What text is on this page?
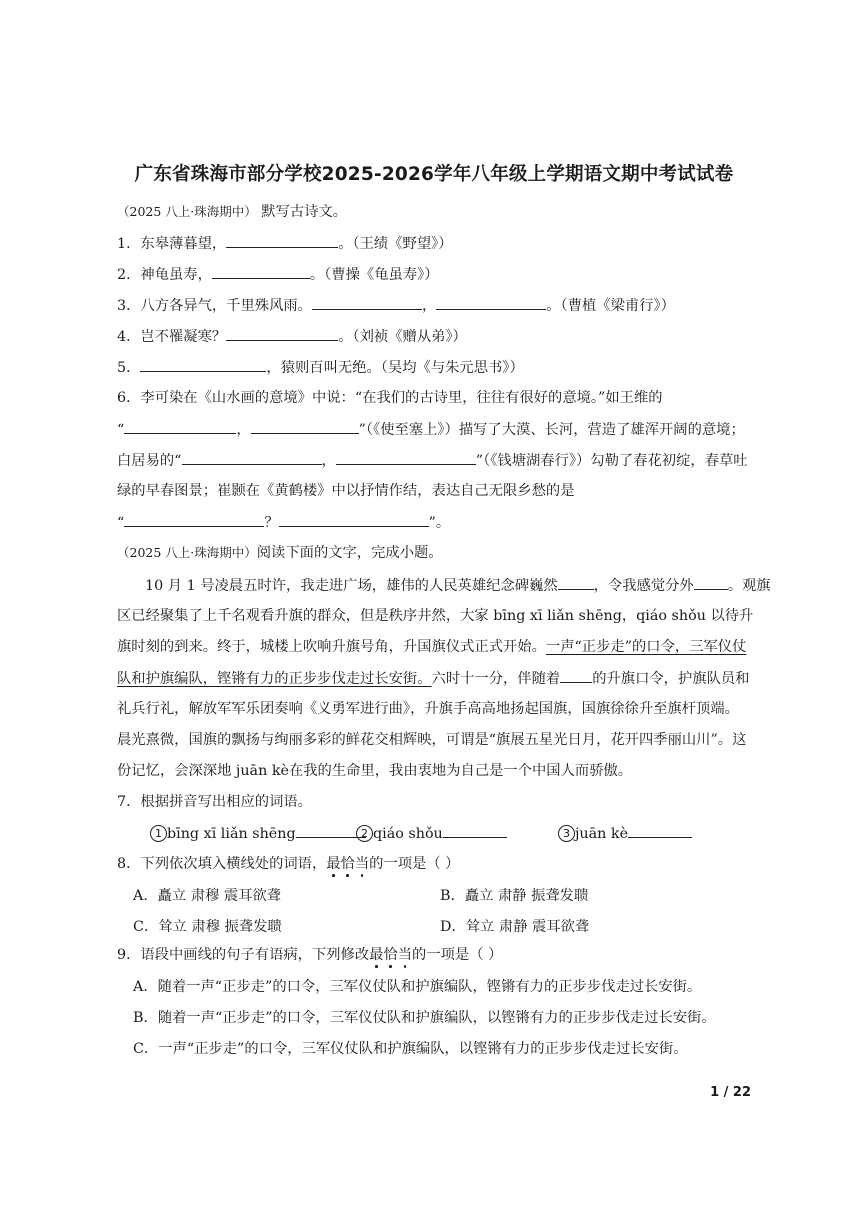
广东省珠海市部分学校2025-2026学年八年级上学期语文期中考试试卷
（2025 八上·珠海期中） 默写古诗文。
1．东皋薄暮望，	。（王绩《野望》）
2．神龟虽寿，	。（曹操《龟虽寿》）
3．八方各异气，千里殊风雨。	，	。（曹植《梁甫行》）
4．岂不罹凝寒？	。（刘祯《赠从弟》）
5．	，猿则百叫无绝。（吴均《与朱元思书》）
6．李可染在《山水画的意境》中说：“在我们的古诗里，往往有很好的意境。”如王维的
“	，	”（《使至塞上》）描写了大漠、长河，营造了雄浑开阔的意境；
白居易的“	，	”（《钱塘湖春行》）勾勒了春花初绽，春草吐
绿的早春图景；崔颢在《黄鹤楼》中以抒情作结，表达自己无限乡愁的是
“	？	”。
（2025 八上·珠海期中）阅读下面的文字，完成小题。
10 月 1 号凌晨五时许，我走进广场，雄伟的人民英雄纪念碑巍然	，令我感觉分外 。观旗
区已经聚集了上千名观看升旗的群众，但是秩序井然，大家 bīng xī liǎn shēng，qiáo shǒu 以待升
旗时刻的到来。终于，城楼上吹响升旗号角，升国旗仪式正式开始。一声“正步走”的口令，三军仪仗
队和护旗编队，铿锵有力的正步步伐走过长安街。六时十一分，伴随着 的升旗口令，护旗队员和
礼兵行礼，解放军军乐团奏响《义勇军进行曲》，升旗手高高地扬起国旗，国旗徐徐升至旗杆顶端。
晨光熹微，国旗的飘扬与绚丽多彩的鲜花交相辉映，可谓是“旗展五星光日月，花开四季丽山川”。这
份记忆，会深深地 juān kè在我的生命里，我由衷地为自己是一个中国人而骄傲。
7．根据拼音写出相应的词语。
1 bīng xī liǎn shēng	2 qiáo shǒu	3 juān kè
8．下列依次填入横线处的词语，最恰当的一项是（ ）
A．矗立 肃穆 震耳欲聋	B．矗立 肃静 振聋发聩
C．耸立 肃穆 振聋发聩	D．耸立 肃静 震耳欲聋
9．语段中画线的句子有语病，下列修改最恰当的一项是（ ）
A．随着一声“正步走”的口令，三军仪仗队和护旗编队，铿锵有力的正步步伐走过长安街。
B．随着一声“正步走”的口令，三军仪仗队和护旗编队，以铿锵有力的正步步伐走过长安街。
C．一声“正步走”的口令，三军仪仗队和护旗编队，以铿锵有力的正步步伐走过长安街。
1 / 22
